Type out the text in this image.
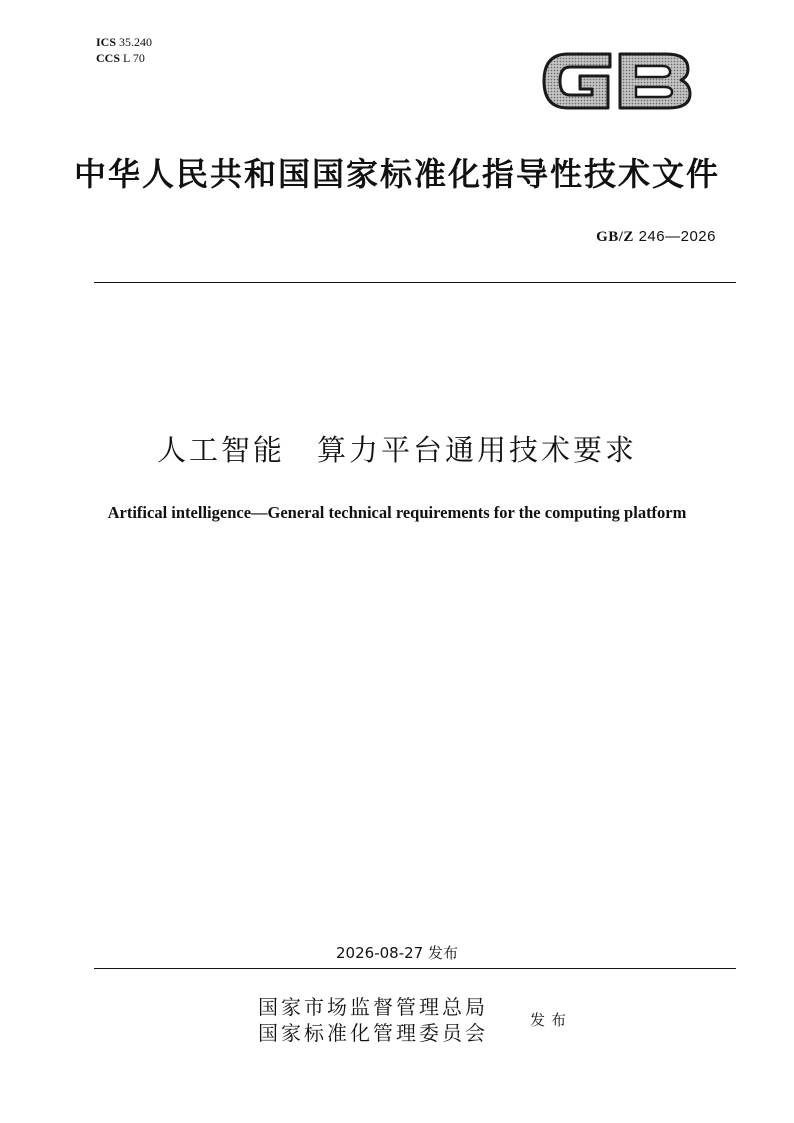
ICS 35.240
CCS L 70
中华人民共和国国家标准化指导性技术文件
GB/Z 246—2026
人工智能　算力平台通用技术要求
Artifical intelligence—General technical requirements for the computing platform
2026-08-27 发布
国家市场监督管理总局
国家标准化管理委员会
发布
